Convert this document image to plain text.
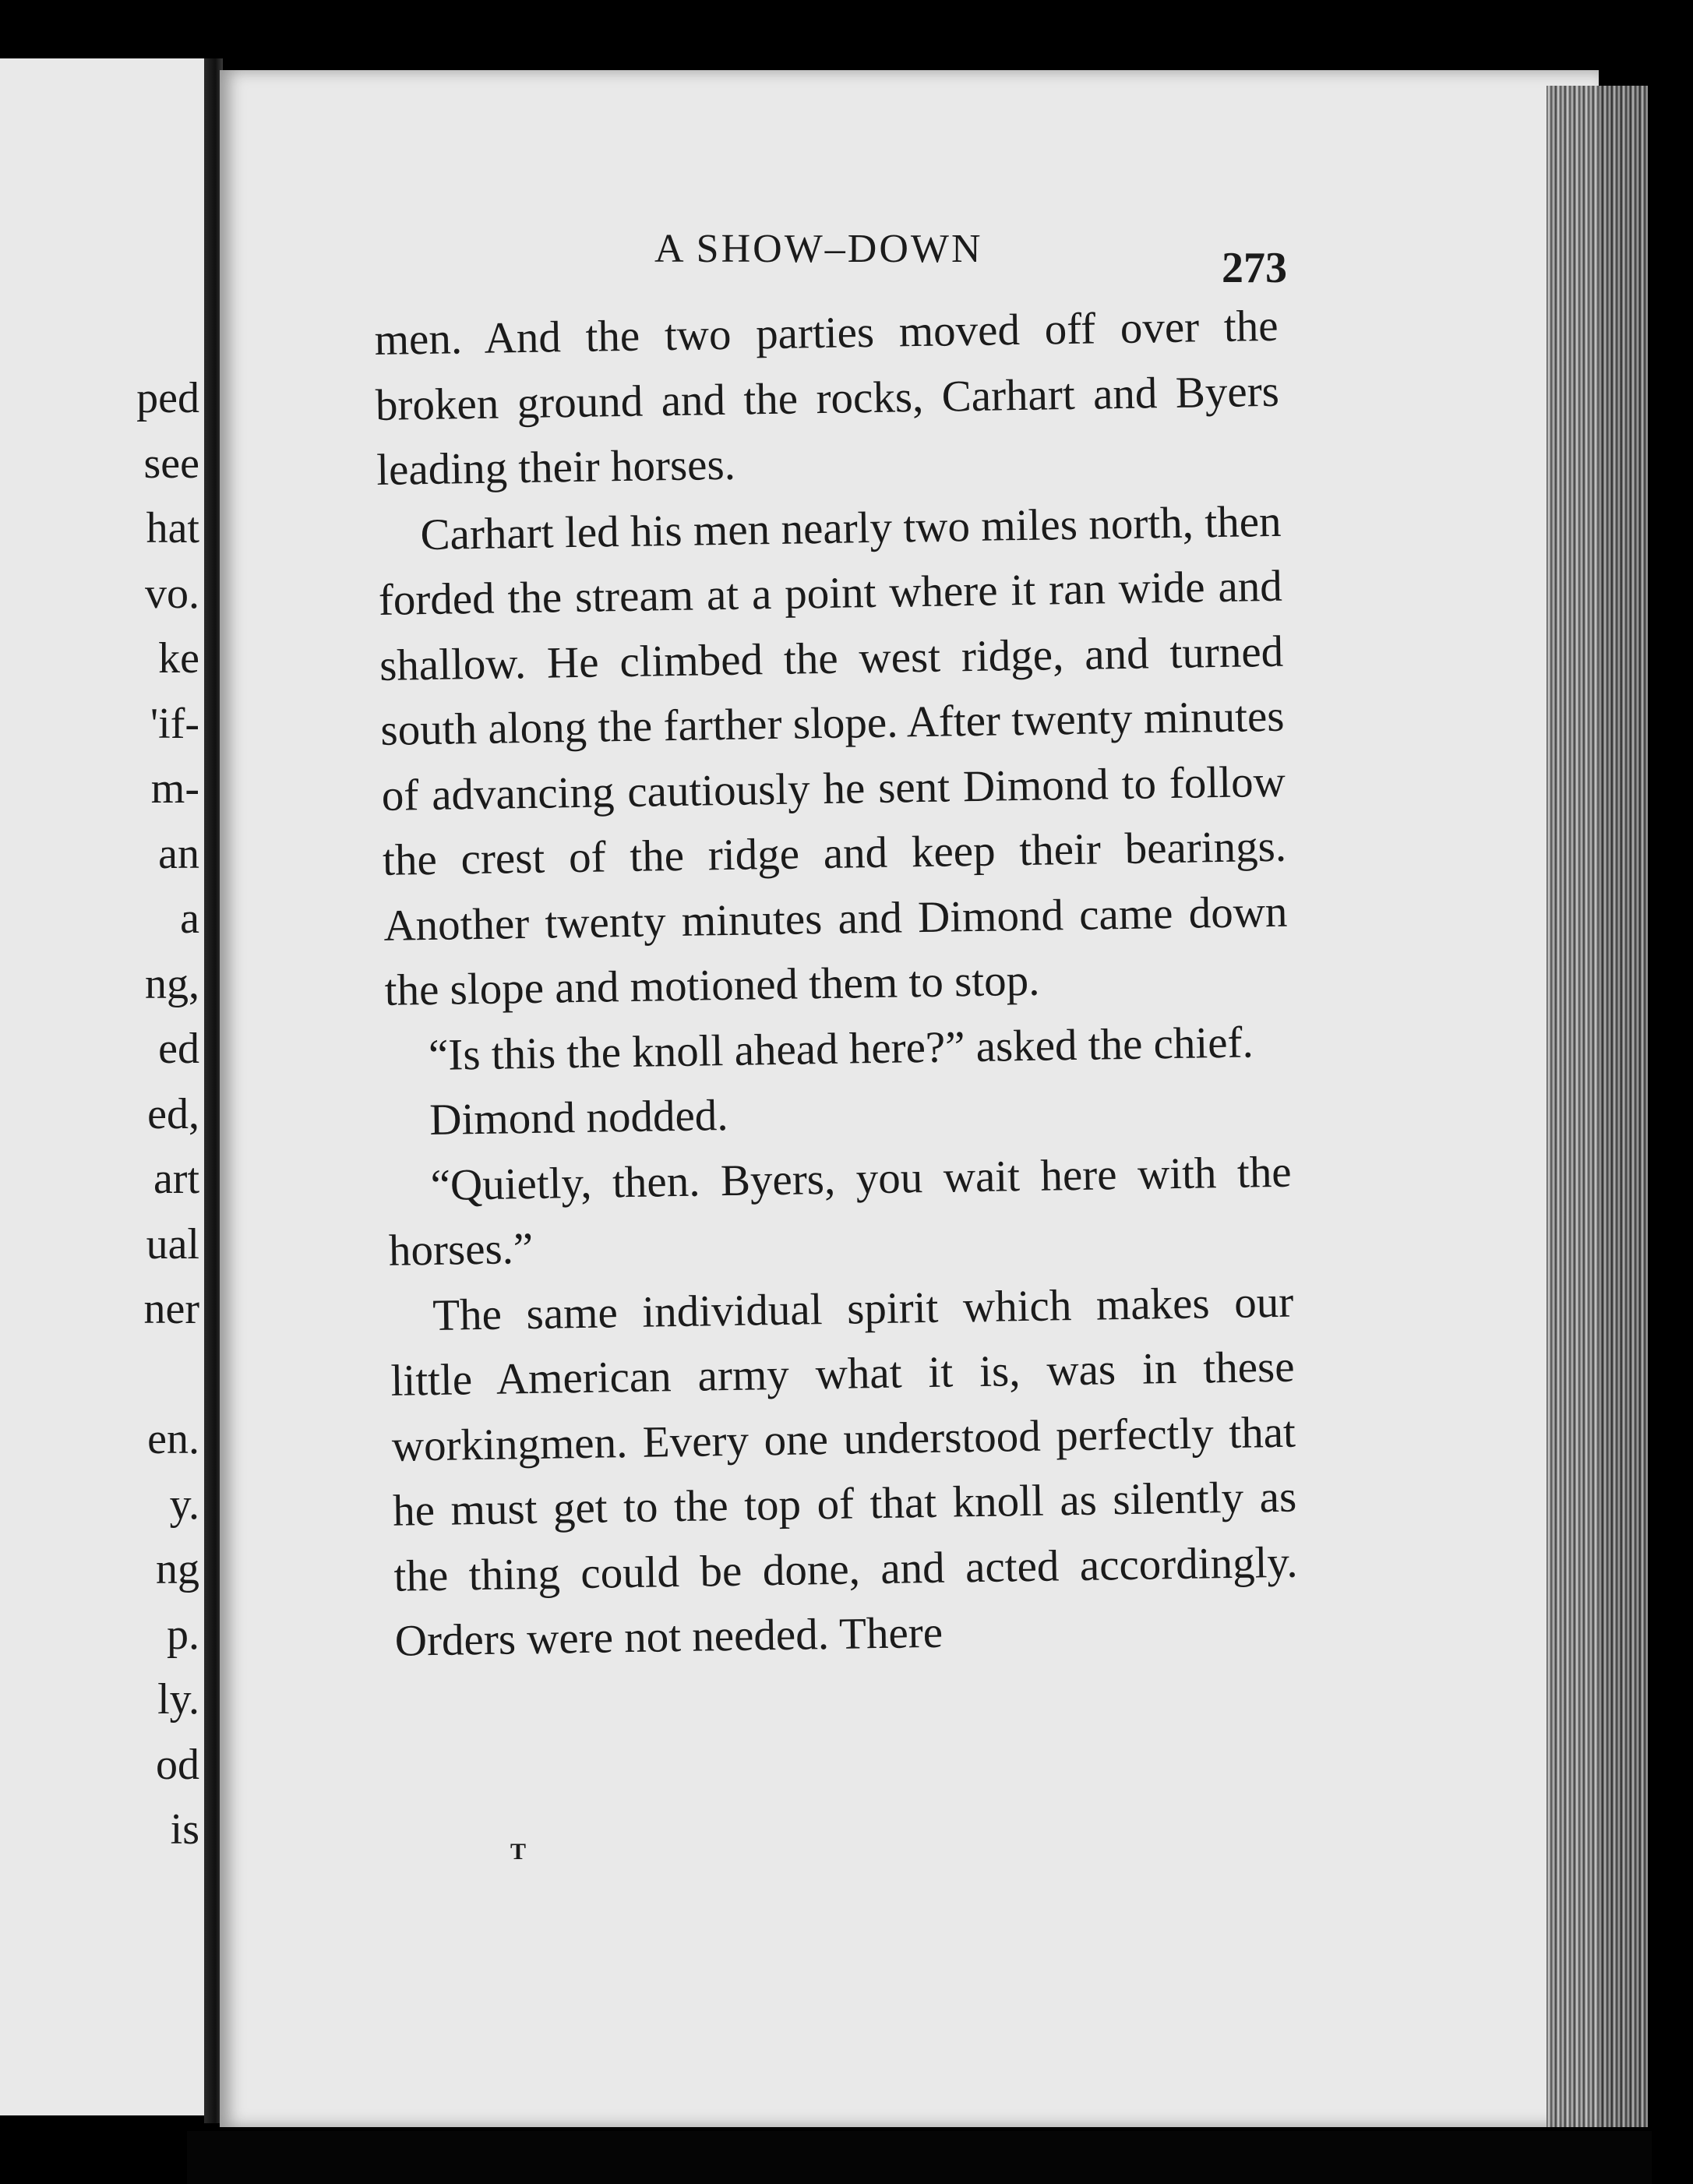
ped
see
hat
vo.
ke
'if-
m-
an
a
ng,
ed
ed,
art
ual
ner
en.
y.
ng
p.
ly.
od
is
A SHOW–DOWN	273

men. And the two parties moved off over the broken ground and the rocks, Carhart and Byers leading their horses.

Carhart led his men nearly two miles north, then forded the stream at a point where it ran wide and shallow. He climbed the west ridge, and turned south along the farther slope. After twenty minutes of advancing cautiously he sent Dimond to follow the crest of the ridge and keep their bearings. Another twenty minutes and Dimond came down the slope and motioned them to stop.

“Is this the knoll ahead here?” asked the chief.

Dimond nodded.

“Quietly, then. Byers, you wait here with the horses.”

The same individual spirit which makes our little American army what it is, was in these workingmen. Every one understood perfectly that he must get to the top of that knoll as silently as the thing could be done, and acted accordingly. Orders were not needed. There

T
